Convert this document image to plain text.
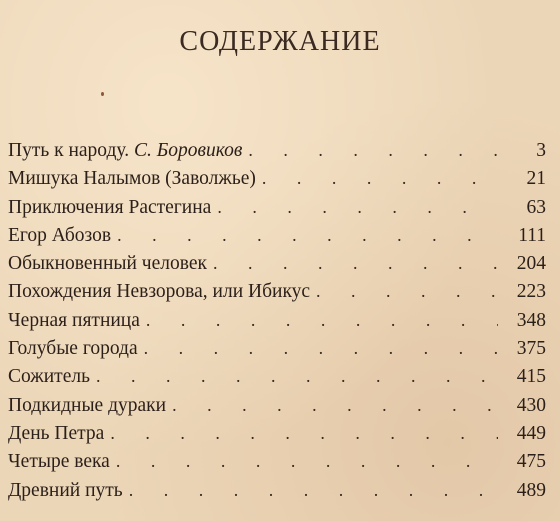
СОДЕРЖАНИЕ
Путь к народу. С. Боровиков . . .	3
Мишука Налымов (Заволжье) . . .	21
Приключения Растегина . . .	63
Егор Абозов . . .	111
Обыкновенный человек . . .	204
Похождения Невзорова, или Ибикус . . .	223
Черная пятница . . .	348
Голубые города . . .	375
Сожитель . . .	415
Подкидные дураки . . .	430
День Петра . . .	449
Четыре века . . .	475
Древний путь . . .	489
